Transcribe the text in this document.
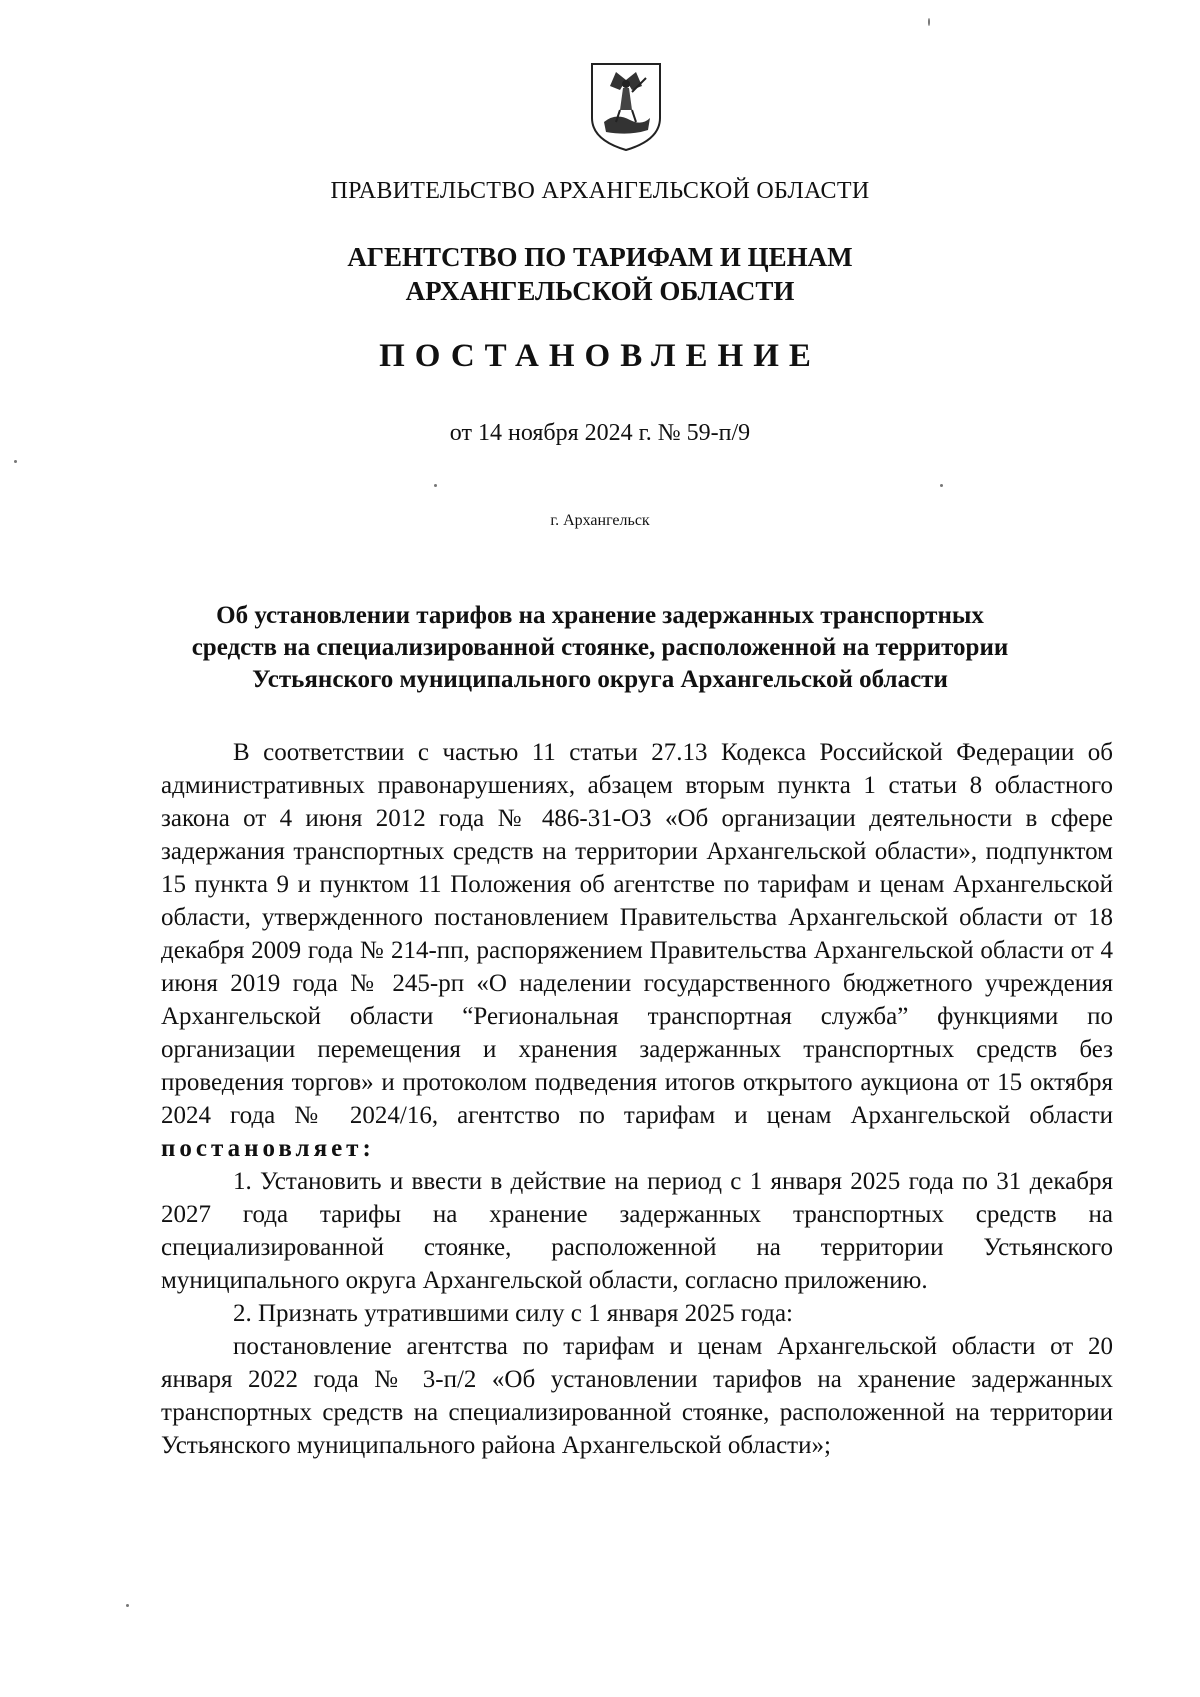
ПРАВИТЕЛЬСТВО АРХАНГЕЛЬСКОЙ ОБЛАСТИ
АГЕНТСТВО ПО ТАРИФАМ И ЦЕНАМ
АРХАНГЕЛЬСКОЙ ОБЛАСТИ
ПОСТАНОВЛЕНИЕ
от 14 ноября 2024 г. № 59-п/9
г. Архангельск
Об установлении тарифов на хранение задержанных транспортных
средств на специализированной стоянке, расположенной на территории
Устьянского муниципального округа Архангельской области

В соответствии с частью 11 статьи 27.13 Кодекса Российской Федерации об административных правонарушениях, абзацем вторым пункта 1 статьи 8 областного закона от 4 июня 2012 года № 486-31-ОЗ «Об организации деятельности в сфере задержания транспортных средств на территории Архангельской области», подпунктом 15 пункта 9 и пунктом 11 Положения об агентстве по тарифам и ценам Архангельской области, утвержденного постановлением Правительства Архангельской области от 18 декабря 2009 года № 214-пп, распоряжением Правительства Архангельской области от 4 июня 2019 года № 245-рп «О наделении государственного бюджетного учреждения Архангельской области “Региональная транспортная служба” функциями по организации перемещения и хранения задержанных транспортных средств без проведения торгов» и протоколом подведения итогов открытого аукциона от 15 октября 2024 года № 2024/16, агентство по тарифам и ценам Архангельской области постановляет:

1. Установить и ввести в действие на период с 1 января 2025 года по 31 декабря 2027 года тарифы на хранение задержанных транспортных средств на специализированной стоянке, расположенной на территории Устьянского муниципального округа Архангельской области, согласно приложению.

2. Признать утратившими силу с 1 января 2025 года:

постановление агентства по тарифам и ценам Архангельской области от 20 января 2022 года № 3-п/2 «Об установлении тарифов на хранение задержанных транспортных средств на специализированной стоянке, расположенной на территории Устьянского муниципального района Архангельской области»;
